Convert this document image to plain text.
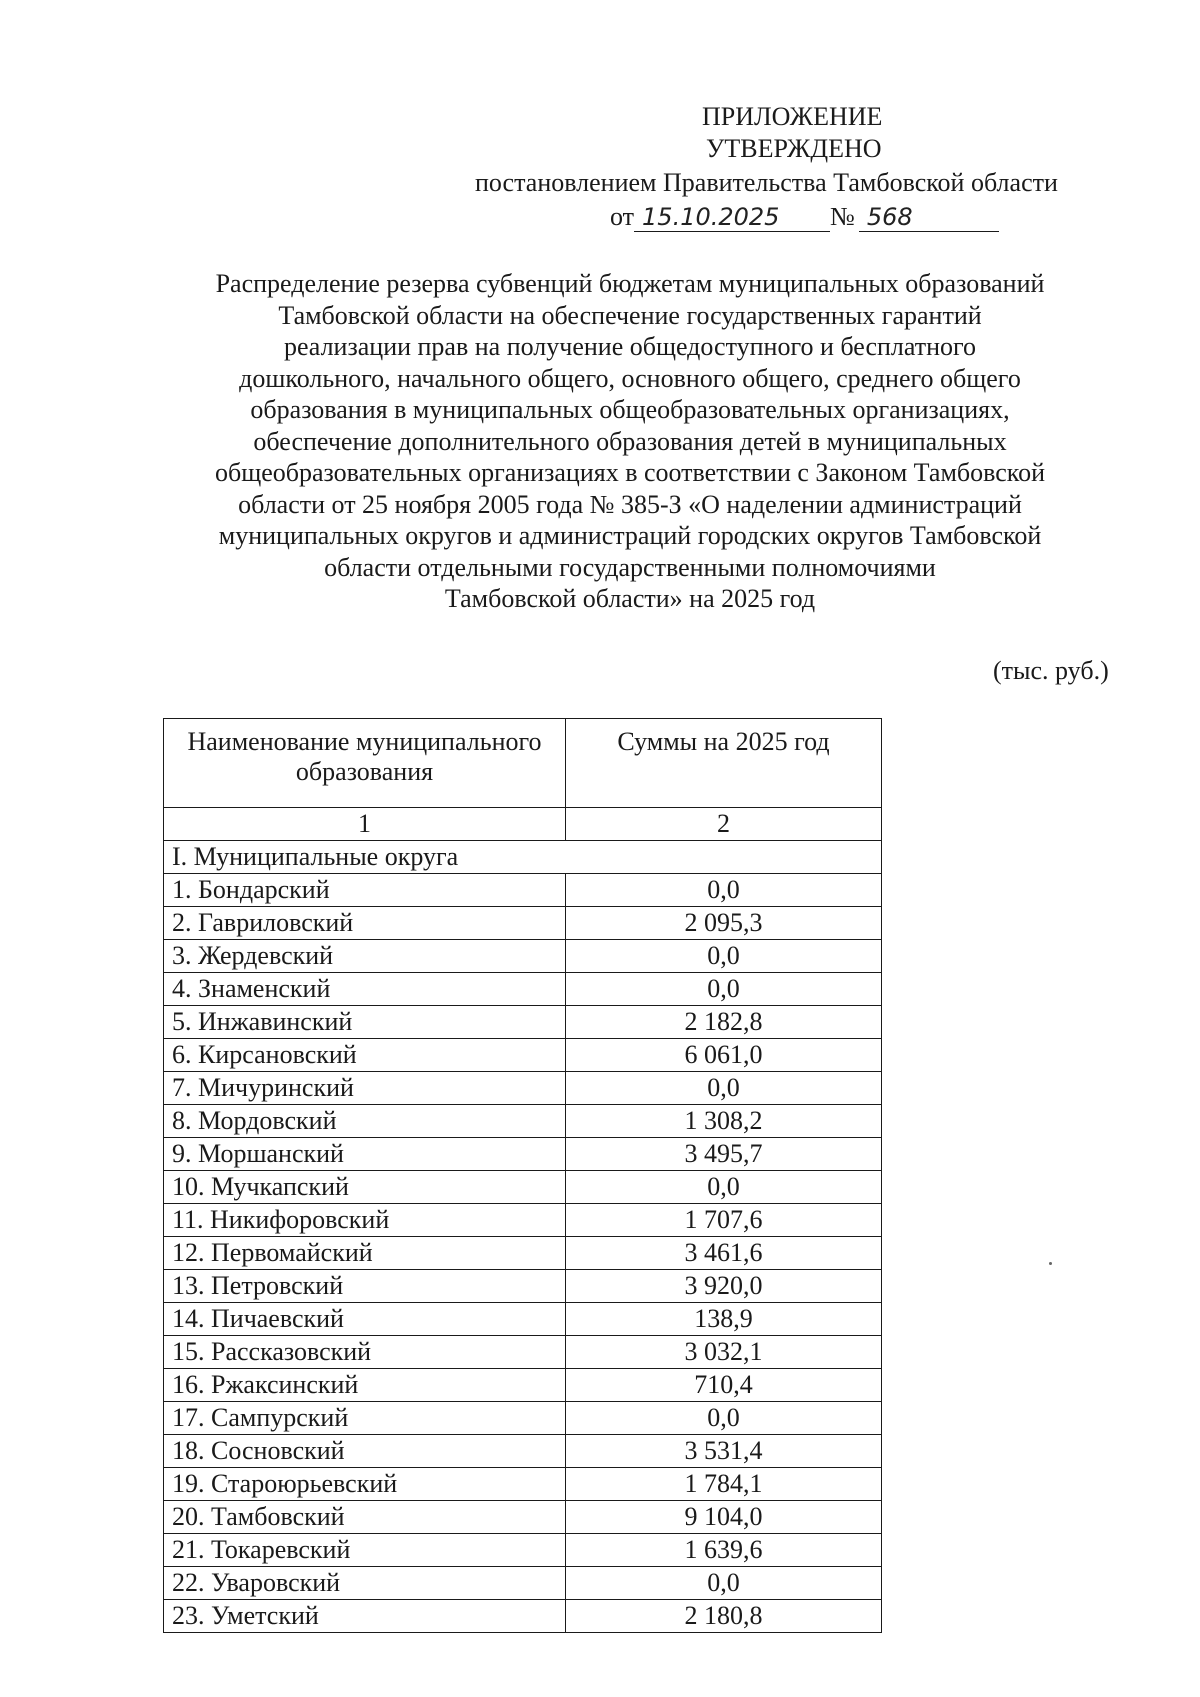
ПРИЛОЖЕНИЕ
УТВЕРЖДЕНО
постановлением Правительства Тамбовской области
от 15.10.2025 № 568
Распределение резерва субвенций бюджетам муниципальных образований
Тамбовской области на обеспечение государственных гарантий
реализации прав на получение общедоступного и бесплатного
дошкольного, начального общего, основного общего, среднего общего
образования в муниципальных общеобразовательных организациях,
обеспечение дополнительного образования детей в муниципальных
общеобразовательных организациях в соответствии с Законом Тамбовской
области от 25 ноября 2005 года № 385-З «О наделении администраций
муниципальных округов и администраций городских округов Тамбовской
области отдельными государственными полномочиями
Тамбовской области» на 2025 год
(тыс. руб.)
Наименование муниципального образования	Суммы на 2025 год
1	2
I. Муниципальные округа	
1. Бондарский	0,0
2. Гавриловский	2 095,3
3. Жердевский	0,0
4. Знаменский	0,0
5. Инжавинский	2 182,8
6. Кирсановский	6 061,0
7. Мичуринский	0,0
8. Мордовский	1 308,2
9. Моршанский	3 495,7
10. Мучкапский	0,0
11. Никифоровский	1 707,6
12. Первомайский	3 461,6
13. Петровский	3 920,0
14. Пичаевский	138,9
15. Рассказовский	3 032,1
16. Ржаксинский	710,4
17. Сампурский	0,0
18. Сосновский	3 531,4
19. Староюрьевский	1 784,1
20. Тамбовский	9 104,0
21. Токаревский	1 639,6
22. Уваровский	0,0
23. Уметский	2 180,8
